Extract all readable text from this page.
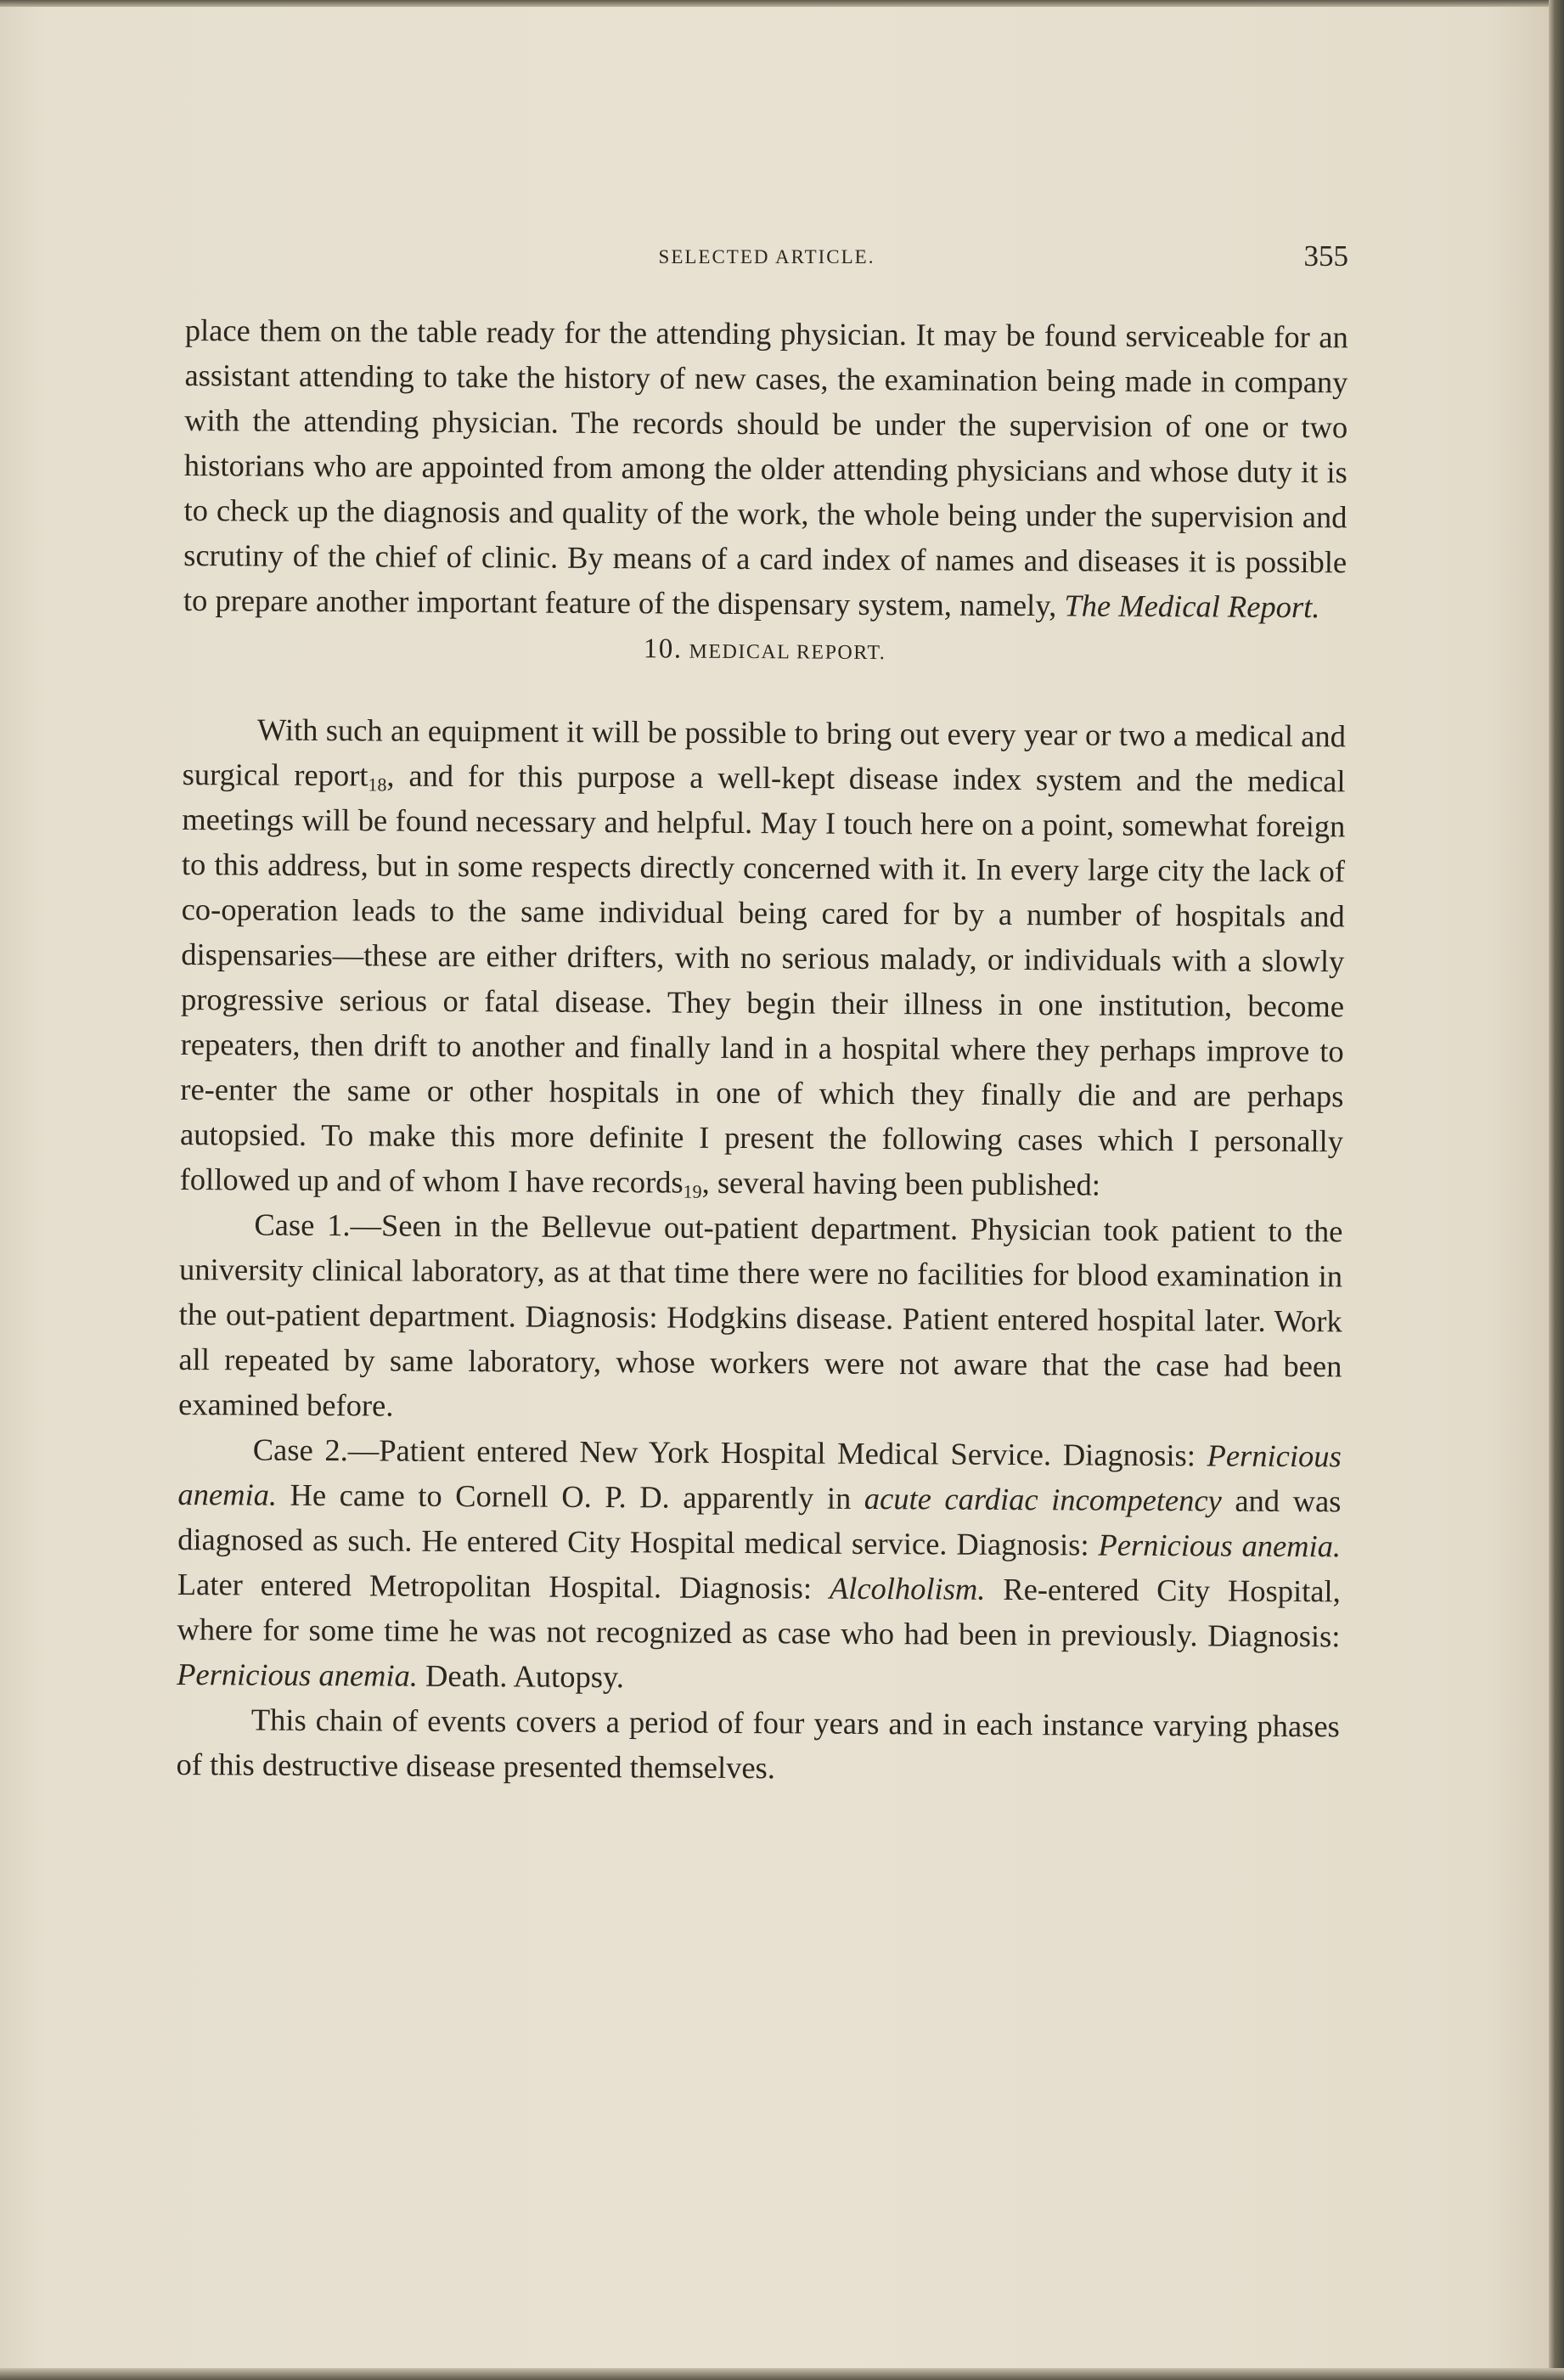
SELECTED ARTICLE.	355

place them on the table ready for the attending physician. It may be found serviceable for an assistant attending to take the history of new cases, the examination being made in company with the attending physician. The records should be under the supervision of one or two historians who are appointed from among the older attending physicians and whose duty it is to check up the diagnosis and quality of the work, the whole being under the supervision and scrutiny of the chief of clinic. By means of a card index of names and diseases it is possible to prepare another important feature of the dispensary system, namely, The Medical Report.

10. MEDICAL REPORT.

With such an equipment it will be possible to bring out every year or two a medical and surgical report$_{18}$, and for this purpose a well-kept disease index system and the medical meetings will be found necessary and helpful. May I touch here on a point, somewhat foreign to this address, but in some respects directly concerned with it. In every large city the lack of co-operation leads to the same individual being cared for by a number of hospitals and dispensaries—these are either drifters, with no serious malady, or individuals with a slowly progressive serious or fatal disease. They begin their illness in one institution, become repeaters, then drift to another and finally land in a hospital where they perhaps improve to re-enter the same or other hospitals in one of which they finally die and are perhaps autopsied. To make this more definite I present the following cases which I personally followed up and of whom I have records$_{19}$, several having been published:

Case 1.—Seen in the Bellevue out-patient department. Physician took patient to the university clinical laboratory, as at that time there were no facilities for blood examination in the out-patient department. Diagnosis: Hodgkins disease. Patient entered hospital later. Work all repeated by same laboratory, whose workers were not aware that the case had been examined before.

Case 2.—Patient entered New York Hospital Medical Service. Diagnosis: Pernicious anemia. He came to Cornell O. P. D. apparently in acute cardiac incompetency and was diagnosed as such. He entered City Hospital medical service. Diagnosis: Pernicious anemia. Later entered Metropolitan Hospital. Diagnosis: Alcolholism. Re-entered City Hospital, where for some time he was not recognized as case who had been in previously. Diagnosis: Pernicious anemia. Death. Autopsy.

This chain of events covers a period of four years and in each instance varying phases of this destructive disease presented themselves.
